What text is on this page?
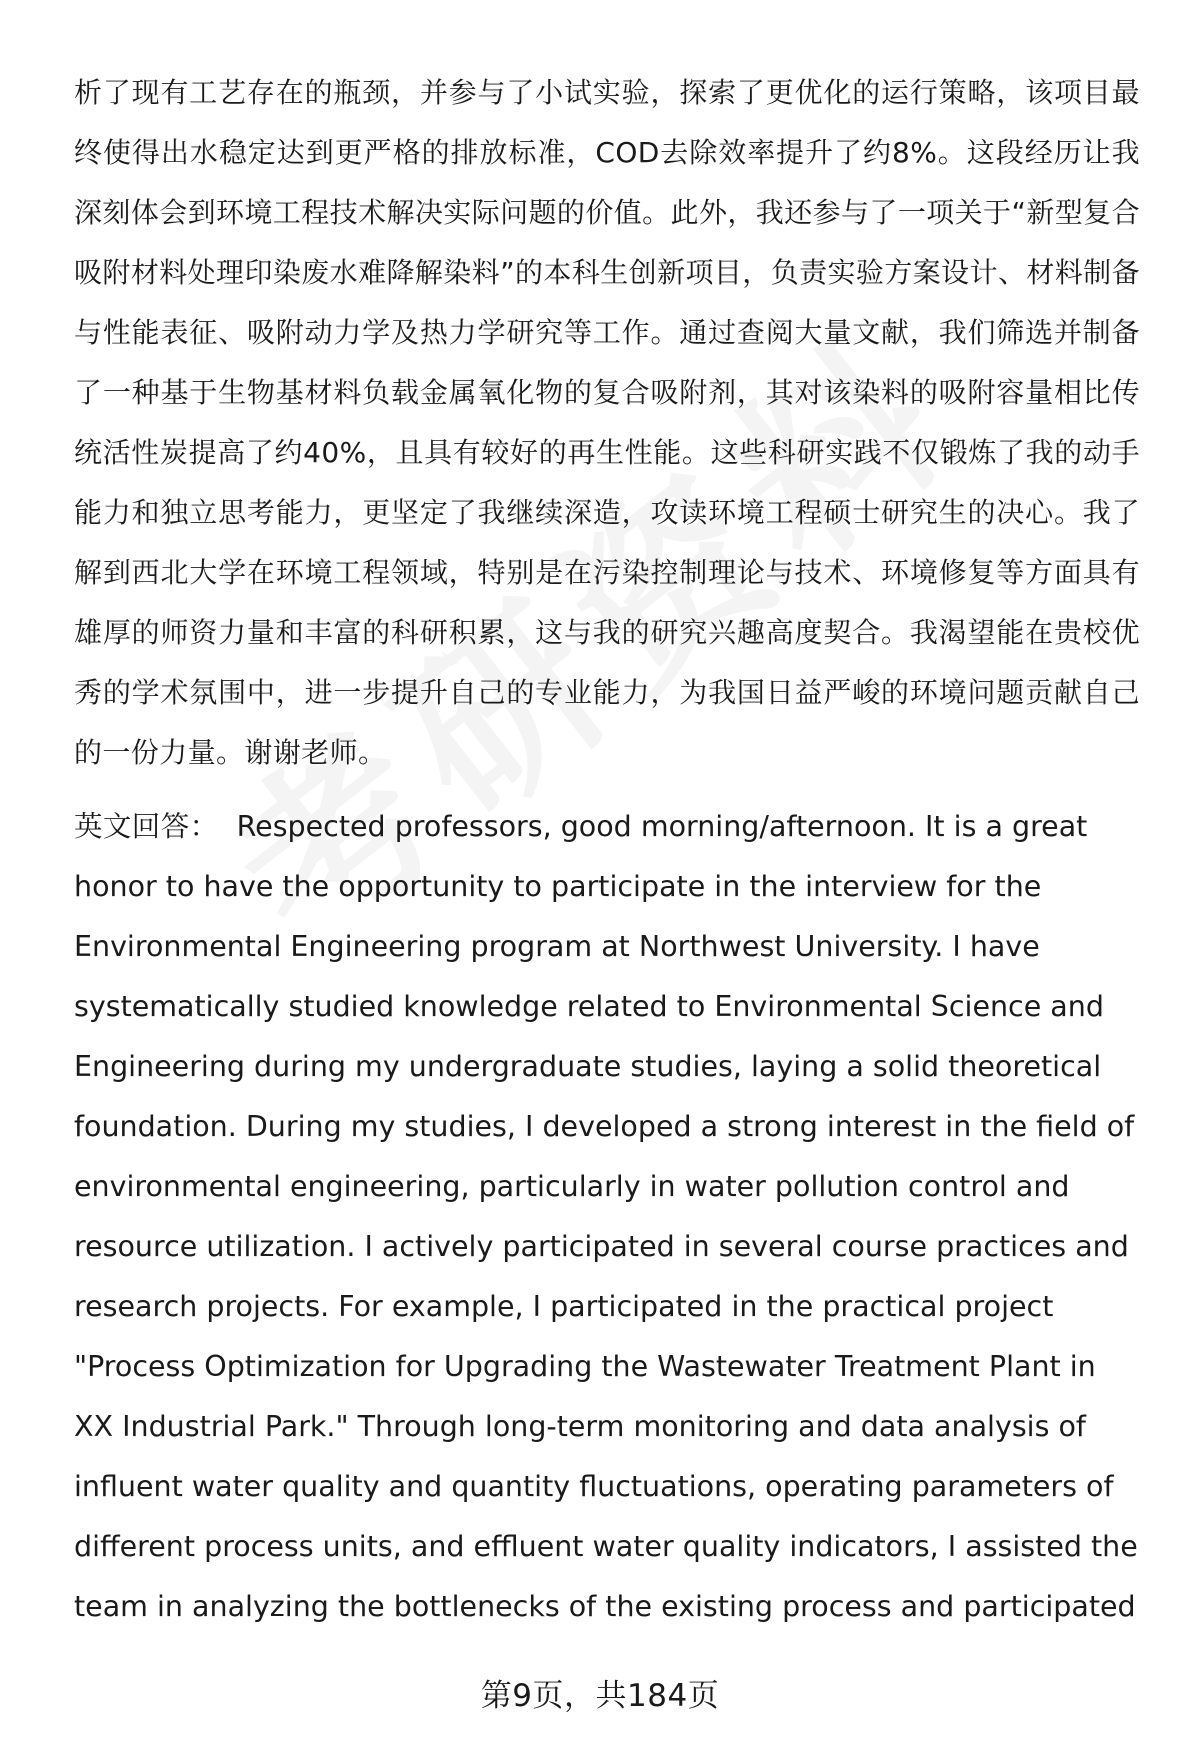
析了现有工艺存在的瓶颈，并参与了小试实验，探索了更优化的运行策略，该项目最终使得出水稳定达到更严格的排放标准，COD去除效率提升了约8%。这段经历让我深刻体会到环境工程技术解决实际问题的价值。此外，我还参与了一项关于“新型复合吸附材料处理印染废水难降解染料”的本科生创新项目，负责实验方案设计、材料制备与性能表征、吸附动力学及热力学研究等工作。通过查阅大量文献，我们筛选并制备了一种基于生物基材料负载金属氧化物的复合吸附剂，其对该染料的吸附容量相比传统活性炭提高了约40%，且具有较好的再生性能。这些科研实践不仅锻炼了我的动手能力和独立思考能力，更坚定了我继续深造，攻读环境工程硕士研究生的决心。我了解到西北大学在环境工程领域，特别是在污染控制理论与技术、环境修复等方面具有雄厚的师资力量和丰富的科研积累，这与我的研究兴趣高度契合。我渴望能在贵校优秀的学术氛围中，进一步提升自己的专业能力，为我国日益严峻的环境问题贡献自己的一份力量。谢谢老师。

英文回答： Respected professors, good morning/afternoon. It is a great honor to have the opportunity to participate in the interview for the Environmental Engineering program at Northwest University. I have systematically studied knowledge related to Environmental Science and Engineering during my undergraduate studies, laying a solid theoretical foundation. During my studies, I developed a strong interest in the field of environmental engineering, particularly in water pollution control and resource utilization. I actively participated in several course practices and research projects. For example, I participated in the practical project "Process Optimization for Upgrading the Wastewater Treatment Plant in XX Industrial Park." Through long-term monitoring and data analysis of influent water quality and quantity fluctuations, operating parameters of different process units, and effluent water quality indicators, I assisted the team in analyzing the bottlenecks of the existing process and participated

第9页，共184页
